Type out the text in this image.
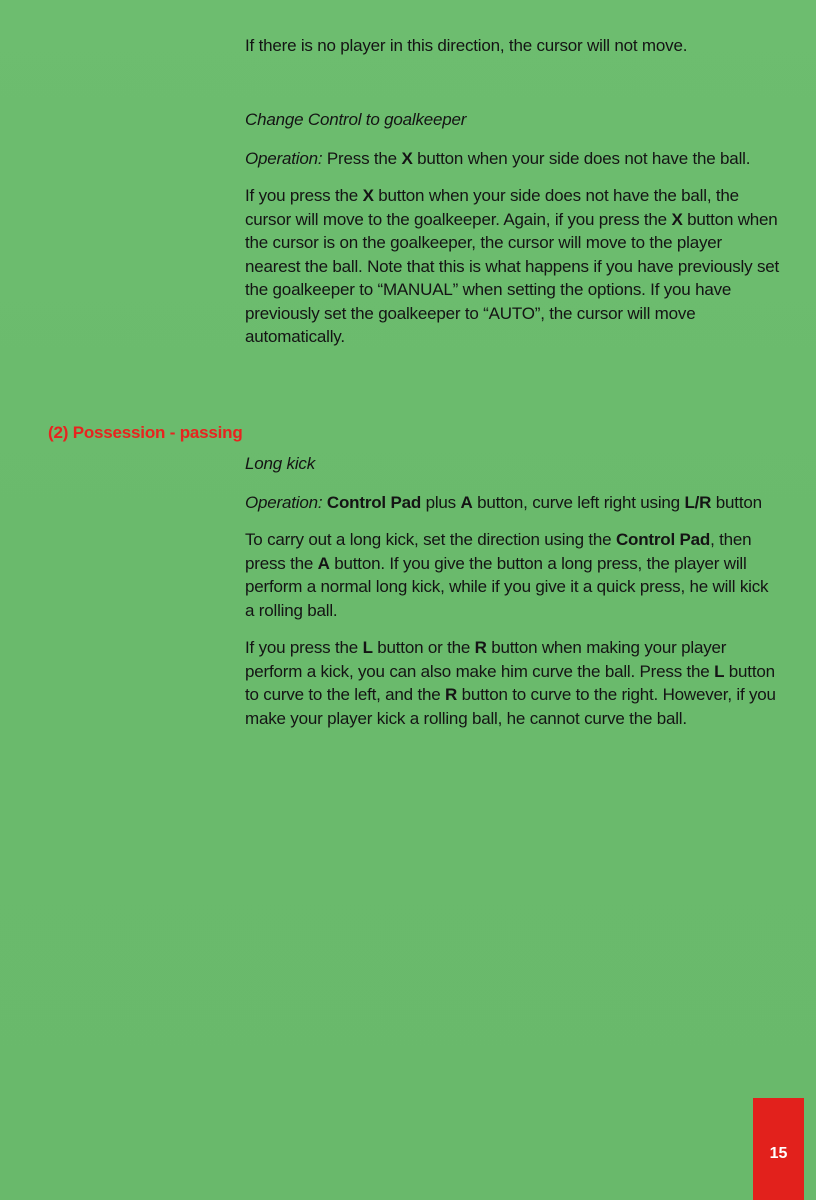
If there is no player in this direction, the cursor will not move.

Change Control to goalkeeper

Operation: Press the X button when your side does not have the ball.

If you press the X button when your side does not have the ball, the cursor will move to the goalkeeper. Again, if you press the X button when the cursor is on the goalkeeper, the cursor will move to the player nearest the ball. Note that this is what happens if you have previously set the goalkeeper to “MANUAL” when setting the options. If you have previously set the goalkeeper to “AUTO”, the cursor will move automatically.

(2) Possession - passing

Long kick

Operation: Control Pad plus A button, curve left right using L/R button

To carry out a long kick, set the direction using the Control Pad, then press the A button. If you give the button a long press, the player will perform a normal long kick, while if you give it a quick press, he will kick a rolling ball.

If you press the L button or the R button when making your player perform a kick, you can also make him curve the ball. Press the L button to curve to the left, and the R button to curve to the right. However, if you make your player kick a rolling ball, he cannot curve the ball.

15
